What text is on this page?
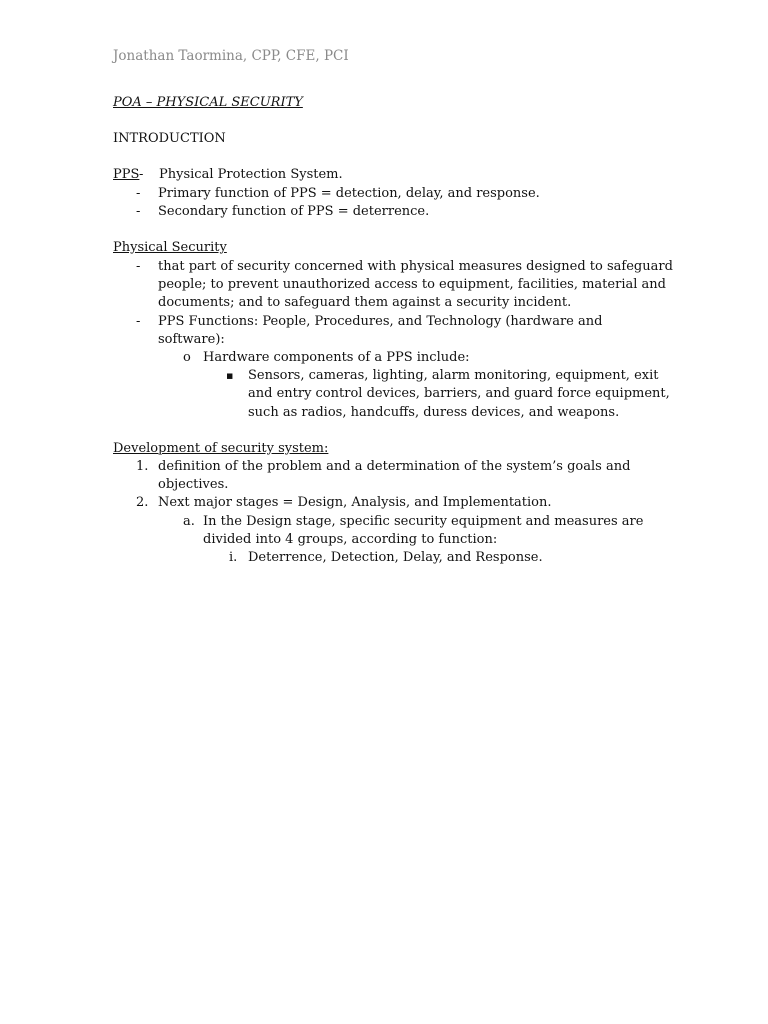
Jonathan Taormina, CPP, CFE, PCI
POA – PHYSICAL SECURITY
INTRODUCTION
PPS - Physical Protection System.
- Primary function of PPS = detection, delay, and response.
- Secondary function of PPS = deterrence.
Physical Security
- that part of security concerned with physical measures designed to safeguard
people; to prevent unauthorized access to equipment, facilities, material and
documents; and to safeguard them against a security incident.
- PPS Functions: People, Procedures, and Technology (hardware and
software):
o Hardware components of a PPS include:
▪ Sensors, cameras, lighting, alarm monitoring, equipment, exit
and entry control devices, barriers, and guard force equipment,
such as radios, handcuffs, duress devices, and weapons.
Development of security system:
1. definition of the problem and a determination of the system’s goals and
objectives.
2. Next major stages = Design, Analysis, and Implementation.
a. In the Design stage, specific security equipment and measures are
divided into 4 groups, according to function:
i. Deterrence, Detection, Delay, and Response.
